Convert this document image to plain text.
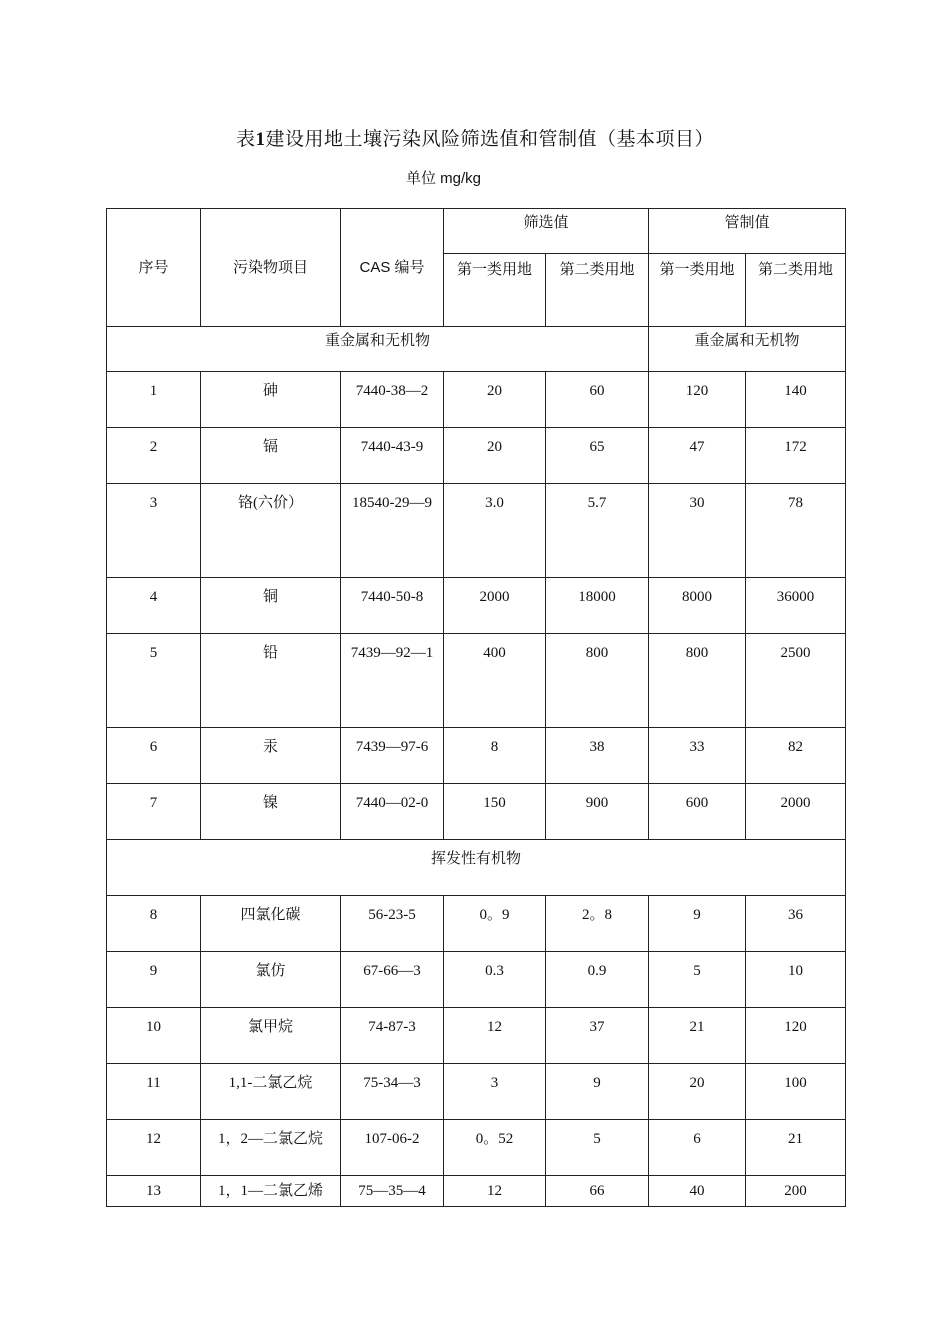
表1建设用地土壤污染风险筛选值和管制值（基本项目）
单位 mg/kg
序号	污染物项目	CAS 编号	筛选值		管制值	
			第一类用地	第二类用地	第一类用地	第二类用地
重金属和无机物					重金属和无机物	
1	砷	7440-38—2	20	60	120	140
2	镉	7440-43-9	20	65	47	172
3	铬(六价）	18540-29—9	3.0	5.7	30	78
4	铜	7440-50-8	2000	18000	8000	36000
5	铅	7439—92—1	400	800	800	2500
6	汞	7439—97-6	8	38	33	82
7	镍	7440—02-0	150	900	600	2000
挥发性有机物						
8	四氯化碳	56-23-5	0。9	2。8	9	36
9	氯仿	67-66—3	0.3	0.9	5	10
10	氯甲烷	74-87-3	12	37	21	120
11	1,1-二氯乙烷	75-34—3	3	9	20	100
12	1，2—二氯乙烷	107-06-2	0。52	5	6	21
13	1，1—二氯乙烯	75—35—4	12	66	40	200
